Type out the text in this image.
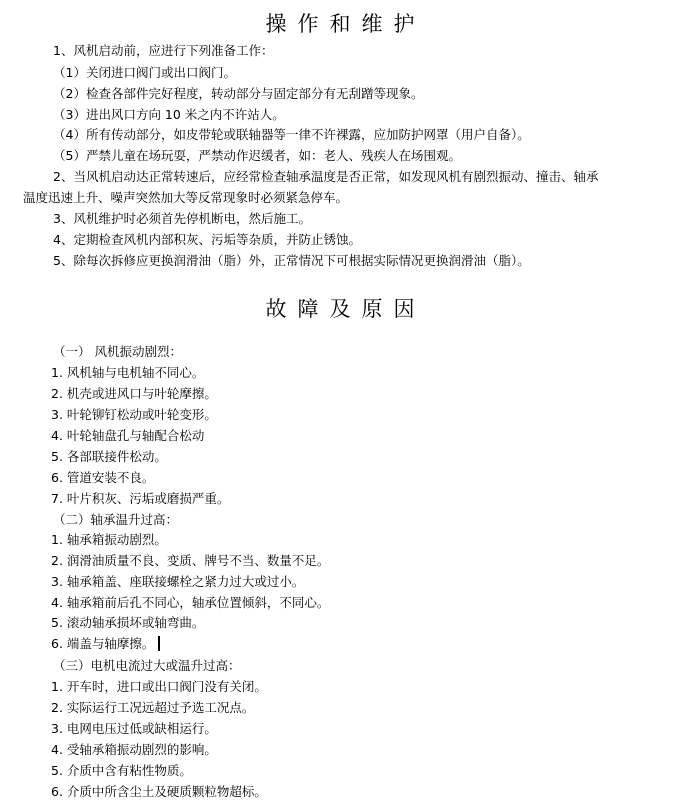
操作和维护
1、风机启动前，应进行下列准备工作：
（1）关闭进口阀门或出口阀门。
（2）检查各部件完好程度，转动部分与固定部分有无刮蹭等现象。
（3）进出风口方向 10 米之内不许站人。
（4）所有传动部分，如皮带轮或联轴器等一律不许裸露，应加防护网罩（用户自备）。
（5）严禁儿童在场玩耍，严禁动作迟缓者，如：老人、残疾人在场围观。
2、当风机启动达正常转速后，应经常检查轴承温度是否正常，如发现风机有剧烈振动、撞击、轴承
温度迅速上升、噪声突然加大等反常现象时必须紧急停车。
3、风机维护时必须首先停机断电，然后施工。
4、定期检查风机内部积灰、污垢等杂质，并防止锈蚀。
5、除每次拆修应更换润滑油（脂）外，正常情况下可根据实际情况更换润滑油（脂）。
故障及原因
（一） 风机振动剧烈：
1. 风机轴与电机轴不同心。
2. 机壳或进风口与叶轮摩擦。
3. 叶轮铆钉松动或叶轮变形。
4. 叶轮轴盘孔与轴配合松动
5. 各部联接件松动。
6. 管道安装不良。
7. 叶片积灰、污垢或磨损严重。
（二）轴承温升过高：
1. 轴承箱振动剧烈。
2. 润滑油质量不良、变质、牌号不当、数量不足。
3. 轴承箱盖、座联接螺栓之紧力过大或过小。
4. 轴承箱前后孔不同心，轴承位置倾斜，不同心。
5. 滚动轴承损坏或轴弯曲。
6. 端盖与轴摩擦。
（三）电机电流过大或温升过高：
1. 开车时，进口或出口阀门没有关闭。
2. 实际运行工况远超过予选工况点。
3. 电网电压过低或缺相运行。
4. 受轴承箱振动剧烈的影响。
5. 介质中含有粘性物质。
6. 介质中所含尘土及硬质颗粒物超标。
